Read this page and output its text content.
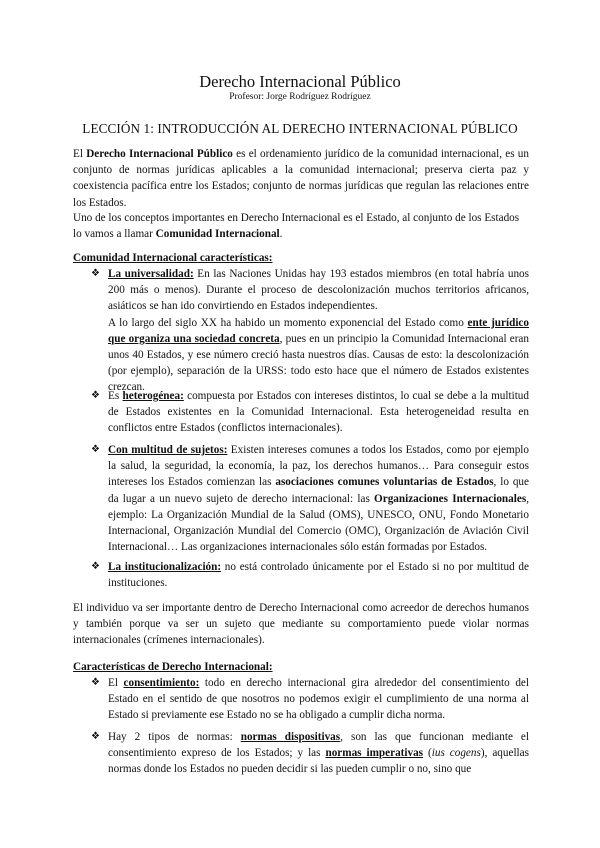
Derecho Internacional Público
Profesor: Jorge Rodríguez Rodríguez
LECCIÓN 1: INTRODUCCIÓN AL DERECHO INTERNACIONAL PÚBLICO
El Derecho Internacional Público es el ordenamiento jurídico de la comunidad internacional, es un conjunto de normas jurídicas aplicables a la comunidad internacional; preserva cierta paz y coexistencia pacífica entre los Estados; conjunto de normas jurídicas que regulan las relaciones entre los Estados.
Uno de los conceptos importantes en Derecho Internacional es el Estado, al conjunto de los Estados lo vamos a llamar Comunidad Internacional.
Comunidad Internacional características:
❖ La universalidad: En las Naciones Unidas hay 193 estados miembros (en total habría unos 200 más o menos). Durante el proceso de descolonización muchos territorios africanos, asiáticos se han ido convirtiendo en Estados independientes.
A lo largo del siglo XX ha habido un momento exponencial del Estado como ente jurídico que organiza una sociedad concreta, pues en un principio la Comunidad Internacional eran unos 40 Estados, y ese número creció hasta nuestros días. Causas de esto: la descolonización (por ejemplo), separación de la URSS: todo esto hace que el número de Estados existentes crezcan.
❖ Es heterogénea: compuesta por Estados con intereses distintos, lo cual se debe a la multitud de Estados existentes en la Comunidad Internacional. Esta heterogeneidad resulta en conflictos entre Estados (conflictos internacionales).
❖ Con multitud de sujetos: Existen intereses comunes a todos los Estados, como por ejemplo la salud, la seguridad, la economía, la paz, los derechos humanos… Para conseguir estos intereses los Estados comienzan las asociaciones comunes voluntarias de Estados, lo que da lugar a un nuevo sujeto de derecho internacional: las Organizaciones Internacionales, ejemplo: La Organización Mundial de la Salud (OMS), UNESCO, ONU, Fondo Monetario Internacional, Organización Mundial del Comercio (OMC), Organización de Aviación Civil Internacional… Las organizaciones internacionales sólo están formadas por Estados.
❖ La institucionalización: no está controlado únicamente por el Estado si no por multitud de instituciones.
El individuo va ser importante dentro de Derecho Internacional como acreedor de derechos humanos y también porque va ser un sujeto que mediante su comportamiento puede violar normas internacionales (crímenes internacionales).
Características de Derecho Internacional:
❖ El consentimiento: todo en derecho internacional gira alrededor del consentimiento del Estado en el sentido de que nosotros no podemos exigir el cumplimiento de una norma al Estado si previamente ese Estado no se ha obligado a cumplir dicha norma.
❖ Hay 2 tipos de normas: normas dispositivas, son las que funcionan mediante el consentimiento expreso de los Estados; y las normas imperativas (ius cogens), aquellas normas donde los Estados no pueden decidir si las pueden cumplir o no, sino que
